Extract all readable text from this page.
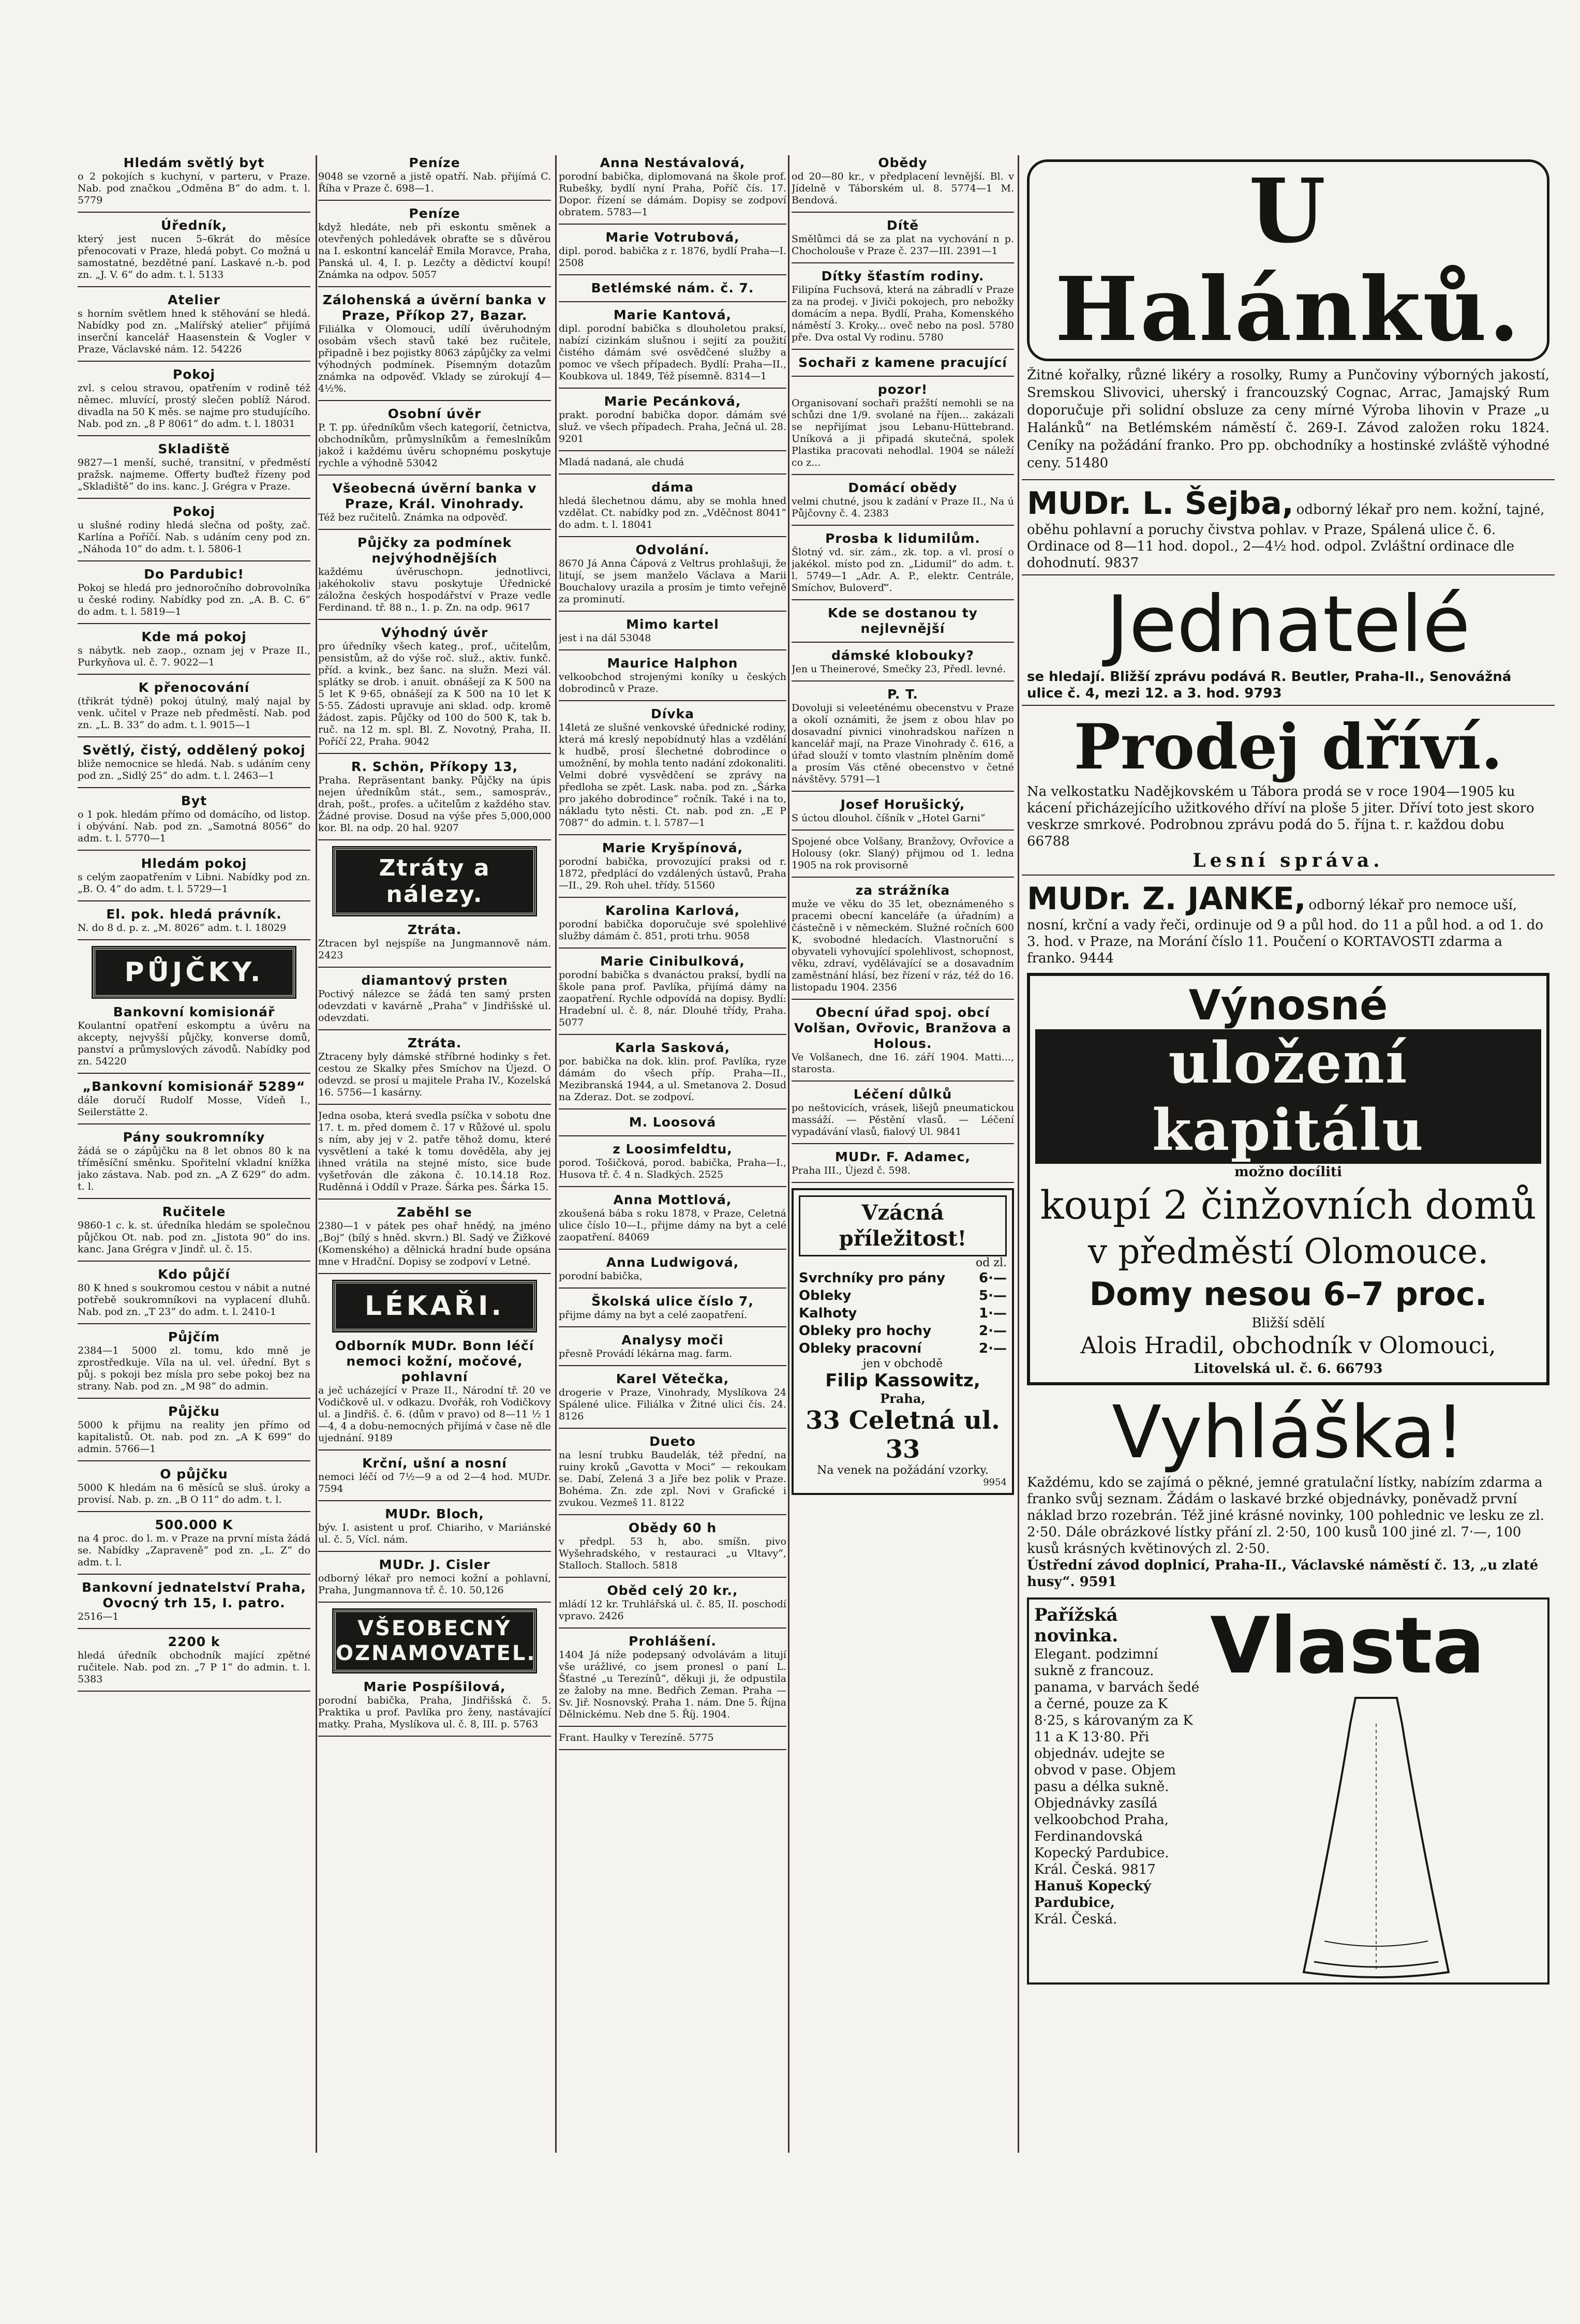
Hledám světlý byt
o 2 pokojích s kuchyní, v parteru, v Praze. Nab. pod značkou „Odměna B“ do adm. t. l. 5779
Úředník,
který jest nucen 5–6krát do měsíce přenocovati v Praze, hledá pobyt. Co možná u samostatné, bezdětné paní. Laskavé n.-b. pod zn. „J. V. 6“ do adm. t. l. 5133
Atelier
s horním světlem hned k stěhování se hledá. Nabídky pod zn. „Malířský atelier“ přijímá inserční kancelář Haasenstein & Vogler v Praze, Václavské nám. 12. 54226
Pokoj
zvl. s celou stravou, opatřením v rodině též němec. mluvící, prostý slečen poblíž Národ. divadla na 50 K měs. se najme pro studujícího. Nab. pod zn. „8 P 8061“ do adm. t. l. 18031
Skladiště
9827—1 menší, suché, transitní, v předměstí pražsk. najmeme. Offerty buďtež řízeny pod „Skladiště“ do ins. kanc. J. Grégra v Praze.
Pokoj
u slušné rodiny hledá slečna od pošty, zač. Karlína a Poříčí. Nab. s udáním ceny pod zn. „Náhoda 10“ do adm. t. l. 5806-1
Do Pardubic!
Pokoj se hledá pro jednoročního dobrovolníka u české rodiny. Nabídky pod zn. „A. B. C. 6“ do adm. t. l. 5819—1
Kde má pokoj
s nábytk. neb zaop., oznam jej v Praze II., Purkyňova ul. č. 7. 9022—1
K přenocování
(třikrát týdně) pokoj útulný, malý najal by venk. učitel v Praze neb předměstí. Nab. pod zn. „L. B. 33“ do adm. t. l. 9015—1
Světlý, čistý, oddělený pokoj
bliže nemocnice se hledá. Nab. s udáním ceny pod zn. „Sidlý 25“ do adm. t. l. 2463—1
Byt
o 1 pok. hledám přímo od domácího, od listop. i obývání. Nab. pod zn. „Samotná 8056“ do adm. t. l. 5770—1
Hledám pokoj
s celým zaopatřením v Libni. Nabídky pod zn. „B. O. 4“ do adm. t. l. 5729—1
El. pok. hledá právník.
N. do 8 d. p. z. „M. 8026“ adm. t. l. 18029
PŮJČKY.
Bankovní komisionář
Koulantní opatření eskomptu a úvěru na akcepty, nejvyšší půjčky, konverse domů, panství a průmyslových závodů. Nabídky pod zn. 54220
„Bankovní komisionář 5289“
dále doručí Rudolf Mosse, Vídeň I., Seilerstätte 2.
Pány soukromníky
žádá se o zápůjčku na 8 let obnos 80 k na tříměsíční směnku. Spořitelní vkladní knížka jako zástava. Nab. pod zn. „A Z 629“ do adm. t. l.
Ručitele
9860-1 c. k. st. úředníka hledám se společnou půjčkou Ot. nab. pod zn. „Jistota 90“ do ins. kanc. Jana Grégra v Jindř. ul. č. 15.
Kdo půjčí
80 K hned s soukromou cestou v nábit a nutné potřebě soukromníkovi na vyplacení dluhů. Nab. pod zn. „T 23“ do adm. t. l. 2410-1
Půjčím
2384—1 5000 zl. tomu, kdo mně je zprostředkuje. Víla na ul. vel. úřední. Byt s půj. s pokoji bez mísla pro sebe pokoj bez na strany. Nab. pod zn. „M 98“ do admin.
Půjčku
5000 k přijmu na reality jen přímo od kapitalistů. Ot. nab. pod zn. „A K 699“ do admin. 5766—1
O půjčku
5000 K hledám na 6 měsíců se sluš. úroky a provisí. Nab. p. zn. „B O 11“ do adm. t. l.
500.000 K
na 4 proc. do l. m. v Praze na první místa žádá se. Nabídky „Zapraveně“ pod zn. „L. Z“ do adm. t. l.
Bankovní jednatelství Praha, Ovocný trh 15, I. patro.
2516—1
2200 k
hledá úředník obchodník mající zpětné ručitele. Nab. pod zn. „7 P 1“ do admin. t. l. 5383
Peníze
9048 se vzorně a jistě opatří. Nab. přijímá C. Říha v Praze č. 698—1.
Peníze
když hledáte, neb při eskontu směnek a otevřených pohledávek obraťte se s důvěrou na I. eskontní kancelář Emila Moravce, Praha, Panská ul. 4, I. p. Lezčty a dědictví koupí! Známka na odpov. 5057
Zálohenská a úvěrní banka v Praze, Příkop 27, Bazar.
Filiálka v Olomouci, udílí úvěruhodným osobám všech stavů také bez ručitele, připadně i bez pojistky 8063 zápůjčky za velmi výhodných podmínek. Písemným dotazům známka na odpověď. Vklady se zúrokují 4—4½%.
Osobní úvěr
P. T. pp. úředníkům všech kategorií, četnictva, obchodníkům, průmyslníkům a řemeslníkům jakož i každému úvěru schopnému poskytuje rychle a výhodně 53042
Všeobecná úvěrní banka v Praze, Král. Vinohrady.
Též bez ručitelů. Známka na odpověď.
Půjčky za podmínek nejvýhodnějších
každému úvěruschopn. jednotlivci, jakéhokoliv stavu poskytuje Úřednické záložna českých hospodářství v Praze vedle Ferdinand. tř. 88 n., 1. p. Zn. na odp. 9617
Výhodný úvěr
pro úředníky všech kateg., prof., učitelům, pensistům, až do výše roč. služ., aktiv. funkč. příd. a kvink., bez šanc. na služn. Mezi vál. splátky se drob. i anuit. obnášejí za K 500 na 5 let K 9·65, obnášejí za K 500 na 10 let K 5·55. Zádosti upravuje ani sklad. odp. kromě žádost. zapis. Půjčky od 100 do 500 K, tak b. ruč. na 12 m. spl. Bl. Z. Novotný, Praha, II. Poříčí 22, Praha. 9042
R. Schön, Příkopy 13,
Praha. Repräsentant banky. Půjčky na úpis nejen úředníkům stát., sem., samospráv., drah, pošt., profes. a učitelům z každého stav. Žádné provise. Dosud na výše přes 5,000,000 kor. Bl. na odp. 20 hal. 9207
Ztráty a nálezy.
Ztráta.
Ztracen byl nejspíše na Jungmannově nám. 2423
diamantový prsten
Poctivý nálezce se žádá ten samý prsten odevzdati v kavárně „Praha“ v Jindřišské ul. odevzdati.
Ztráta.
Ztraceny byly dámské stříbrné hodinky s řet. cestou ze Skalky přes Smíchov na Újezd. O odevzd. se prosí u majitele Praha IV., Kozelská 16. 5756—1 kasárny.
Jedna osoba, která svedla psíčka v sobotu dne 17. t. m. před domem č. 17 v Růžové ul. spolu s ním, aby jej v 2. patře těhož domu, které vysvětlení a také k tomu dověděla, aby jej ihned vrátila na stejné místo, sice bude vyšetřován dle zákona č. 10.14.18 Roz. Ruděnná i Oddíl v Praze. Šárka pes. Šárka 15.
Zaběhl se
2380—1 v pátek pes ohař hnědý, na jméno „Boj“ (bílý s hněd. skvrn.) Bl. Sadý ve Žižkové (Komenského) a dělnická hradní bude opsána mne v Hradční. Dopisy se zodpoví v Letné.
LÉKAŘI.
Odborník MUDr. Bonn léčí nemoci kožní, močové, pohlavní
a ječ ucházející v Praze II., Národní tř. 20 ve Vodičkově ul. v odkazu. Dvořák, roh Vodičkovy ul. a Jindřiš. č. 6. (dům v pravo) od 8—11 ½ 1—4, 4 a dobu-nemocných přijímá v čase ně dle ujednání. 9189
Krční, ušní a nosní
nemoci léčí od 7½—9 a od 2—4 hod. MUDr. 7594
MUDr. Bloch,
býv. I. asistent u prof. Chiariho, v Mariánské ul. č. 5, Vícl. nám.
MUDr. J. Cisler
odborný lékař pro nemoci kožní a pohlavní, Praha, Jungmannova tř. č. 10. 50,126
VŠEOBECNÝ
OZNAMOVATEL.
Marie Pospíšilová,
porodní babička, Praha, Jindřišská č. 5. Praktika u prof. Pavlíka pro ženy, nastávající matky. Praha, Myslíkova ul. č. 8, III. p. 5763
Anna Nestávalová,
porodní babička, diplomovaná na škole prof. Rubešky, bydlí nyní Praha, Poříč čís. 17. Dopor. řízení se dámám. Dopisy se zodpoví obratem. 5783—1
Marie Votrubová,
dipl. porod. babička z r. 1876, bydlí Praha—I. 2508
Betlémské nám. č. 7.
Marie Kantová,
dipl. porodní babička s dlouholetou praksí, nabízí cizinkám slušnou i sejití za použití čistého dámám své osvědčené služby a pomoc ve všech případech. Bydlí: Praha—II., Koubkova ul. 1849, Též písemně. 8314—1
Marie Pecánková,
prakt. porodní babička dopor. dámám své služ. ve všech případech. Praha, Ječná ul. 28. 9201
Mladá nadaná, ale chudá
dáma
hledá šlechetnou dámu, aby se mohla hned vzdělat. Ct. nabídky pod zn. „Vděčnost 8041“ do adm. t. l. 18041
Odvolání.
8670 Já Anna Čápová z Veltrus prohlašuji, že litují, se jsem manželo Václava a Marii Bouchalovy urazila a prosím je timto veřejně za prominutí.
Mimo kartel
jest i na dál 53048
Maurice Halphon
velkoobchod strojenými koníky u českých dobrodinců v Praze.
Dívka
14letá ze slušné venkovské úřednické rodiny, která má kreslý nepobídnutý hlas a vzdělání k hudbě, prosí šlechetné dobrodince o umožnění, by mohla tento nadání zdokonaliti. Velmi dobré vysvědčení se zprávy na předloha se zpět. Lask. naba. pod zn. „Šárka pro jakého dobrodince“ ročník. Také i na to, nákladu tyto něsti. Ct. nab. pod zn. „E P 7087“ do admin. t. l. 5787—1
Marie Kryšpínová,
porodní babička, provozující praksi od r. 1872, předplácí do vzdálených ústavů, Praha—II., 29. Roh uhel. třídy. 51560
Karolina Karlová,
porodní babička doporučuje své spolehlivé služby dámám č. 851, proti trhu. 9058
Marie Cinibulková,
porodní babička s dvanáctou praksí, bydlí na škole pana prof. Pavlíka, přijímá dámy na zaopatření. Rychle odpovídá na dopisy. Bydlí: Hradební ul. č. 8, nár. Dlouhé třídy, Praha. 5077
Karla Sasková,
por. babička na dok. klin. prof. Pavlíka, ryze dámám do všech příp. Praha—II., Mezibranská 1944, a ul. Smetanova 2. Dosud na Zderaz. Dot. se zodpoví.
M. Loosová
z Loosimfeldtu,
porod. Tošičková, porod. babička, Praha—I., Husova tř. č. 4 n. Sladkých. 2525
Anna Mottlová,
zkoušená bába s roku 1878, v Praze, Celetná ulice číslo 10—I., přijme dámy na byt a celé zaopatření. 84069
Anna Ludwigová,
porodní babička,
Školská ulice číslo 7,
přijme dámy na byt a celé zaopatření.
Analysy moči
přesně Provádí lékárna mag. farm.
Karel Větečka,
drogerie v Praze, Vinohrady, Myslíkova 24 Spálené ulice. Filiálka v Žitné ulici čís. 24. 8126
Dueto
na lesní trubku Baudelák, též přední, na ruiny kroků „Gavotta v Moci“ — rekoukam se. Dabí, Zelená 3 a Jiře bez polik v Praze. Bohéma. Zn. zde zpl. Novi v Grafické i zvukou. Vezmeš 11. 8122
Obědy 60 h
v předpl. 53 h, abo. smíšn. pivo Wyšehradského, v restauraci „u Vltavy“, Stalloch. Stalloch. 5818
Oběd celý 20 kr.,
mládí 12 kr. Truhlářská ul. č. 85, II. poschodí vpravo. 2426
Prohlášení.
1404 Já níže podepsaný odvolávám a litují vše urážlivé, co jsem pronesl o paní L. Šťastné „u Terezínů“, děkuji ji, že odpustila ze žaloby na mne. Bedřich Zeman. Praha — Sv. Jiř. Nosnovský. Praha 1. nám. Dne 5. Října Dělnickému. Neb dne 5. Říj. 1904.
Frant. Haulky v Terezíně. 5775
Obědy
od 20—80 kr., v předplacení levnější. Bl. v Jídelně v Táborském ul. 8. 5774—1 M. Bendová.
Dítě
Smělůmci dá se za plat na vychování n p. Chocholouše v Praze č. 237—III. 2391—1
Dítky šťastím rodiny.
Filipína Fuchsová, která na zábradlí v Praze za na prodej. v Jiviči pokojech, pro nebožky domácím a nepa. Bydlí, Praha, Komenského náměstí 3. Kroky... oveč nebo na posl. 5780 pře. Dva ostal Vy rodinu. 5780
Sochaři z kamene pracující
pozor!
Organisovaní sochaři pražští nemohli se na schůzi dne 1/9. svolané na říjen... zakázali se nepřijímat jsou Lebanu-Hüttebrand. Uníková a ji připadá skutečná, spolek Plastika pracovati nehodlal. 1904 se náleží co z...
Domácí obědy
velmi chutné, jsou k zadání v Praze II., Na ú Půjčovny č. 4. 2383
Prosba k lidumilům.
Šlotný vd. sir. zám., zk. top. a vl. prosí o jakékol. místo pod zn. „Lidumil“ do adm. t. l. 5749—1 „Adr. A. P., elektr. Centrále, Smíchov, Buloverď“.
Kde se dostanou ty nejlevnější
dámské klobouky?
Jen u Theinerové, Smečky 23, Předl. levné.
P. T.
Dovoluji si veleeténému obecenstvu v Praze a okolí oznámiti, že jsem z obou hlav po dosavadní pivnici vinohradskou nařízen n kancelář mají, na Praze Vinohrady č. 616, a úřad slouží v tomto vlastním plněním domě a prosím Vás ctěné obecenstvo v četné návštěvy. 5791—1
Josef Horušický,
S úctou dlouhol. číšník v „Hotel Garni“
Spojené obce Volšany, Branžovy, Ovřovice a Holousy (okr. Slaný) přijmou od 1. ledna 1905 na rok provisorně
za strážníka
muže ve věku do 35 let, obeznámeného s pracemi obecní kanceláře (a úřadním) a částečně i v německém. Služné ročních 600 K, svobodné hledacích. Vlastnoruční s obyvateli vyhovující spolehlivost, schopnost, věku, zdraví, vydělávající se a dosavadním zaměstnání hlásí, bez řízení v ráz, též do 16. listopadu 1904. 2356
Obecní úřad spoj. obcí Volšan, Ovřovic, Branžova a Holous.
Ve Volšanech, dne 16. září 1904. Matti..., starosta.
Léčení důlků
po neštovicích, vrásek, lišejů pneumatickou massáží. — Pěstění vlasů. — Léčení vypadávání vlasů, fialový Ul. 9841
MUDr. F. Adamec,
Praha III., Újezd č. 598.
Vzácná příležitost!
od zl.
Svrchníky pro pány 6·—
Obleky	5·—
Kalhoty	1·—
Obleky pro hochy	2·—
Obleky pracovní	2·—
jen v obchodě
Filip Kassowitz,
Praha,
33 Celetná ul. 33
Na venek na požádání vzorky.
9954
U Halánků.
Žitné kořalky, různé likéry a rosolky, Rumy a Punčoviny výborných jakostí, Sremskou Slivovici, uherský i francouzský Cognac, Arrac, Jamajský Rum doporučuje při solidní obsluze za ceny mírné Výroba lihovin v Praze „u Halánků“ na Betlémském náměstí č. 269-I. Závod založen roku 1824. Ceníky na požádání franko. Pro pp. obchodníky a hostinské zvláště výhodné ceny. 51480
MUDr. L. Šejba, odborný lékař pro nem. kožní, tajné, oběhu pohlavní a poruchy čivstva pohlav. v Praze, Spálená ulice č. 6. Ordinace od 8—11 hod. dopol., 2—4½ hod. odpol. Zvláštní ordinace dle dohodnutí. 9837
Jednatelé
se hledají. Bližší zprávu podává R. Beutler, Praha-II., Senovážná ulice č. 4, mezi 12. a 3. hod. 9793
Prodej dříví.
Na velkostatku Nadějkovském u Tábora prodá se v roce 1904—1905 ku kácení přicházejícího užitkového dříví na ploše 5 jiter. Dříví toto jest skoro veskrze smrkové. Podrobnou zprávu podá do 5. října t. r. každou dobu 66788
Lesní správa.
MUDr. Z. JANKE, odborný lékař pro nemoce uší, nosní, krční a vady řeči, ordinuje od 9 a půl hod. do 11 a půl hod. a od 1. do 3. hod. v Praze, na Morání číslo 11. Poučení o KORTAVOSTI zdarma a franko. 9444
Výnosné
uložení kapitálu
možno docíliti
koupí 2 činžovních domů
v předměstí Olomouce.
Domy nesou 6–7 proc.
Bližší sdělí
Alois Hradil, obchodník v Olomouci,
Litovelská ul. č. 6. 66793
Vyhláška!
Každému, kdo se zajímá o pěkné, jemné gratulační lístky, nabízím zdarma a franko svůj seznam. Žádám o laskavé brzké objednávky, poněvadž první náklad brzo rozebrán. Též jiné krásné novinky, 100 pohlednic ve lesku ze zl. 2·50. Dále obrázkové lístky přání zl. 2·50, 100 kusů 100 jiné zl. 7·—, 100 kusů krásných květinových zl. 2·50.
Ústřední závod doplnicí, Praha-II., Václavské náměstí č. 13, „u zlaté husy“. 9591
Pařížská novinka.
Elegant. podzimní sukně z francouz. panama, v barvách šedé a černé, pouze za K 8·25, s károvaným za K 11 a K 13·80. Při objednáv. udejte se obvod v pase. Objem pasu a délka sukně. Objednávky zasílá velkoobchod Praha, Ferdinandovská Kopecký Pardubice. Král. Česká. 9817
Hanuš Kopecký
Pardubice,
Král. Česká.
Vlasta
